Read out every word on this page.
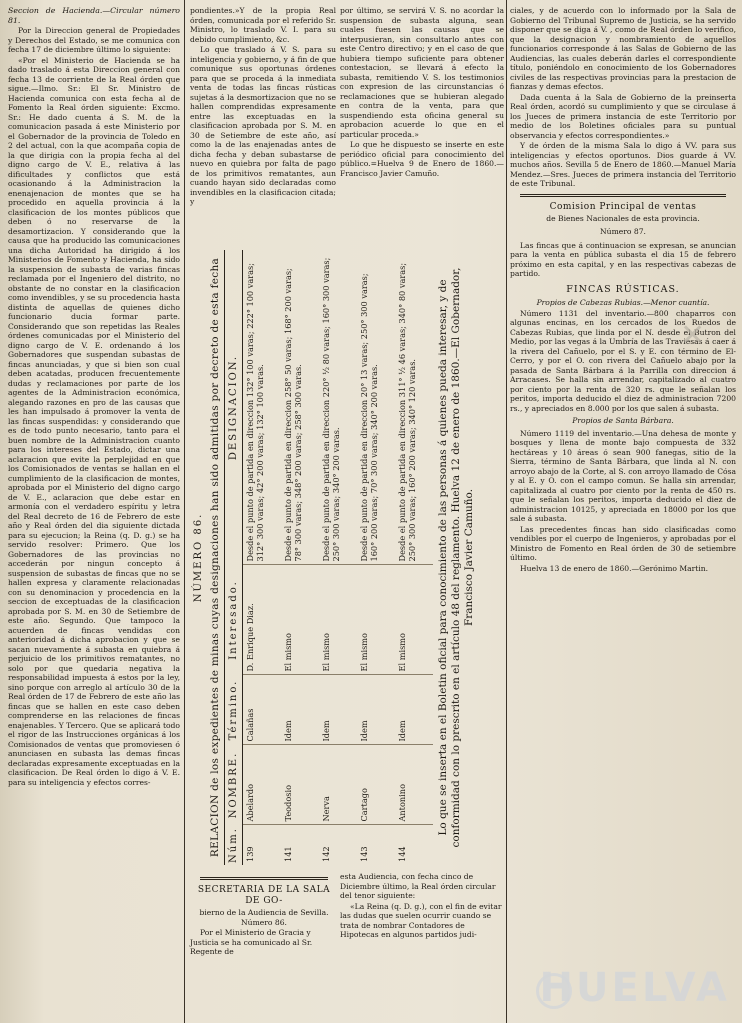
Seccion de Hacienda.—Circular número 81.

Por la Direccion general de Propiedades y Derechos del Estado, se me comunica con fecha 17 de diciembre último lo siguiente:

«Por el Ministerio de Hacienda se ha dado traslado á esta Direccion general con fecha 13 de corriente de la Real órden que sigue.—Ilmo. Sr.: El Sr. Ministro de Hacienda comunica con esta fecha al de Fomento la Real órden siguiente: Excmo. Sr.: He dado cuenta á S. M. de la comunicacion pasada á este Ministerio por el Gobernador de la provincia de Toledo en 2 del actual, con la que acompaña copia de la que dirigia con la propia fecha al del digno cargo de V. E., relativa á las dificultades y conflictos que está ocasionando á la Administracion la enenajenacion de montes que se ha procedido en aquella provincia á la clasificacion de los montes públicos que deben ó no reservarse de la desamortizacion. Y considerando que la causa que ha producido las comunicaciones una dicha Autoridad ha dirigido á los Ministerios de Fomento y Hacienda, ha sido la suspension de subasta de varias fincas reclamada por el Ingeniero del distrito, no obstante de no constar en la clasificacion como invendibles, y se su procedencia hasta distinta de aquellas de quienes dicho funcionario ducia formar parte. Considerando que son repetidas las Reales órdenes comunicadas por el Ministerio del digno cargo de V. E. ordenando á los Gobernadores que suspendan subastas de fincas anunciadas, y que si bien son cual deben acatadas, producen frecuentemente dudas y reclamaciones por parte de los agentes de la Administracion económica, alegando razones en pro de las causas que les han impulsado á promover la venta de las fincas suspendidas: y considerando que es de todo punto necesario, tanto para el buen nombre de la Administracion cuanto para los intereses del Estado, dictar una aclaracion que evite la perplejidad en que los Comisionados de ventas se hallan en el cumplimiento de la clasificacion de montes, aprobada por el Ministerio del digno cargo de V. E., aclaracion que debe estar en armonía con el verdadero espíritu y letra del Real decreto de 16 de Febrero de este año y Real órden del dia siguiente dictada para su ejecucion; la Reina (q. D. g.) se ha servido resolver: Primero. Que los Gobernadores de las provincias no accederán por ningun concepto á suspension de subastas de fincas que no se hallen expresa y claramente relacionadas con su denominacion y procedencia en la seccion de exceptuadas de la clasificacion aprobada por S. M. en 30 de Setiembre de este año. Segundo. Que tampoco la acuerden de fincas vendidas con anterioridad á dicha aprobacion y que se sacan nuevamente á subasta en quiebra á perjuicio de los primitivos rematantes, no solo por que quedaria negativa la responsabilidad impuesta á estos por la ley, sino porque con arreglo al artículo 30 de la Real órden de 17 de Febrero de este año las fincas que se hallen en este caso deben comprenderse en las relaciones de fincas enajenables. Y Tercero. Que se aplicará todo el rigor de las Instrucciones orgánicas á los Comisionados de ventas que promoviesen ó anunciasen en subasta las demas fincas declaradas expresamente exceptuadas en la clasificacion. De Real órden lo digo á V. E. para su inteligencia y efectos corres-

pondientes.»Y de la propia Real órden, comunicada por el referido Sr. Ministro, lo traslado V. I. para su debido cumplimiento, &c.

Lo que traslado á V. S. para su inteligencia y gobierno, y á fin de que comunique sus oportunas órdenes para que se proceda á la inmediata venta de todas las fincas rústicas sujetas á la desmortizacion que no se hallen comprendidas expresamente entre las exceptuadas en la clasificacion aprobada por S. M. en 30 de Setiembre de este año, así como la de las enajenadas antes de dicha fecha y deban subastarse de nuevo en quiebra por falta de pago de los primitivos rematantes, aun cuando hayan sido declaradas como invendibles en la clasificacion citada; y

por último, se servirá V. S. no acordar la suspension de subasta alguna, sean cuales fuesen las causas que se interpusieran, sin consultarlo antes con este Centro directivo; y en el caso de que hubiera tiempo suficiente para obtener contestacion, se llevará á efecto la subasta, remitiendo V. S. los testimonios con expresion de las circunstancias ó reclamaciones que se hubieran alegado en contra de la venta, para que suspendiendo esta oficina general su aprobacion acuerde lo que en el particular proceda.»

Lo que he dispuesto se inserte en este periódico oficial para conocimiento del público.=Huelva 9 de Enero de 1860.—Francisco Javier Camuño.

NÚMERO 86. RELACION de los expedientes de minas cuyas designaciones han sido admitidas por decreto de esta fecha Núm.	NOMBRE.	Término.	Interesado.	DESIGNACION.
139	Abelardo	Calañas	D. Enrique Diaz.	Desde el punto de partida en direccion 132° 100 varas; 222° 100 varas; 312° 300 varas; 42° 200 varas; 132° 100 varas.
141	Teodosio	Idem	El mismo	Desde el punto de partida en direccion 258° 50 varas; 168° 200 varas; 78° 300 varas; 348° 200 varas; 258° 300 varas.
142	Nerva	Idem	El mismo	Desde el punto de partida en direccion 220° ½ 80 varas; 160° 300 varas; 250° 300 varas; 340° 200 varas.
143	Cartago	Idem	El mismo	Desde el punto de partida en direccion 20° 13 varas; 250° 300 varas; 160° 200 varas; 70° 300 varas; 340° 200 varas.
144	Antonino	Idem	El mismo	Desde el punto de partida en direccion 311° ½ 46 varas; 340° 80 varas; 250° 300 varas; 160° 200 varas; 340° 120 varas.	Lo que se inserta en el Boletin oficial para conocimiento de las personas á quienes pueda interesar, y de conformidad con lo prescrito en el artículo 48 del reglamento. Huelva 12 de enero de 1860.—El Gobernador, Francisco Javier Camuño.

SECRETARIA DE LA SALA DE GO-

bierno de la Audiencia de Sevilla. Número 86.

Por el Ministerio de Gracia y Justicia se ha comunicado al Sr. Regente de

esta Audiencia, con fecha cinco de Diciembre último, la Real órden circular del tenor siguiente:

«La Reina (q. D. g.), con el fin de evitar las dudas que suelen ocurrir cuando se trata de nombrar Contadores de Hipotecas en algunos partidos judi-

ciales, y de acuerdo con lo informado por la Sala de Gobierno del Tribunal Supremo de Justicia, se ha servido disponer que se diga á V. , como de Real órden lo verifico, que la designacion y nombramiento de aquellos funcionarios corresponde á las Salas de Gobierno de las Audiencias, las cuales deberán darles el correspondiente título, poniéndolo en conocimiento de los Gobernadores civiles de las respectivas provincias para la prestacion de fianzas y demas efectos.

Dada cuenta á la Sala de Gobierno de la preinserta Real órden, acordó su cumplimiento y que se circulase á los Jueces de primera instancia de este Territorio por medio de los Boletines oficiales para su puntual observancia y efectos correspondientes.»

Y de órden de la misma Sala lo digo á VV. para sus inteligencias y efectos oportunos. Dios guarde á VV. muchos años. Sevilla 5 de Enero de 1860.—Manuel María Mendez.—Sres. Jueces de primera instancia del Territorio de este Tribunal.

Comision Principal de ventas

de Bienes Nacionales de esta provincia.

Número 87.

Las fincas que á continuacion se expresan, se anuncian para la venta en pública subasta el dia 15 de febrero próximo en esta capital, y en las respectivas cabezas de partido.

FINCAS RÚSTICAS.

Propios de Cabezas Rubias.—Menor cuantía.

Número 1131 del inventario.—800 chaparros con algunas encinas, en los cercados de los Ruedos de Cabezas Rubias, que linda por el N. desde el Butron del Medio, por las vegas á la Umbría de las Traviesas á caer á la rivera del Cañuelo, por el S. y E. con término de El-Cerro, y por el O. con rivera del Cañuelo abajo por la pasada de Santa Bárbara á la Parrilla con direccion á Arracases. Se halla sin arrendar, capitalizado al cuatro por ciento por la renta de 320 rs. que le señalan los peritos, importa deducido el diez de administracion 7200 rs., y apreciados en 8.000 por los que salen á subasta.

Propios de Santa Bárbara.

Número 1119 del inventario.—Una dehesa de monte y bosques y llena de monte bajo compuesta de 332 hectáreas y 10 áreas ó sean 900 fanegas, sitio de la Sierra, término de Santa Bárbara, que linda al N. con arroyo abajo de la Corte, al S. con arroyo llamado de Cósa y al E. y O. con el campo comun. Se halla sin arrendar, capitalizada al cuatro por ciento por la renta de 450 rs. que le señalan los peritos, importa deducido el diez de administracion 10125, y apreciada en 18000 por los que sale á subasta.

Las precedentes fincas han sido clasificadas como vendibles por el cuerpo de Ingenieros, y aprobadas por el Ministro de Fomento en Real órden de 30 de setiembre último.

Huelva 13 de enero de 1860.—Gerónimo Martin.

✕
HUELVA
